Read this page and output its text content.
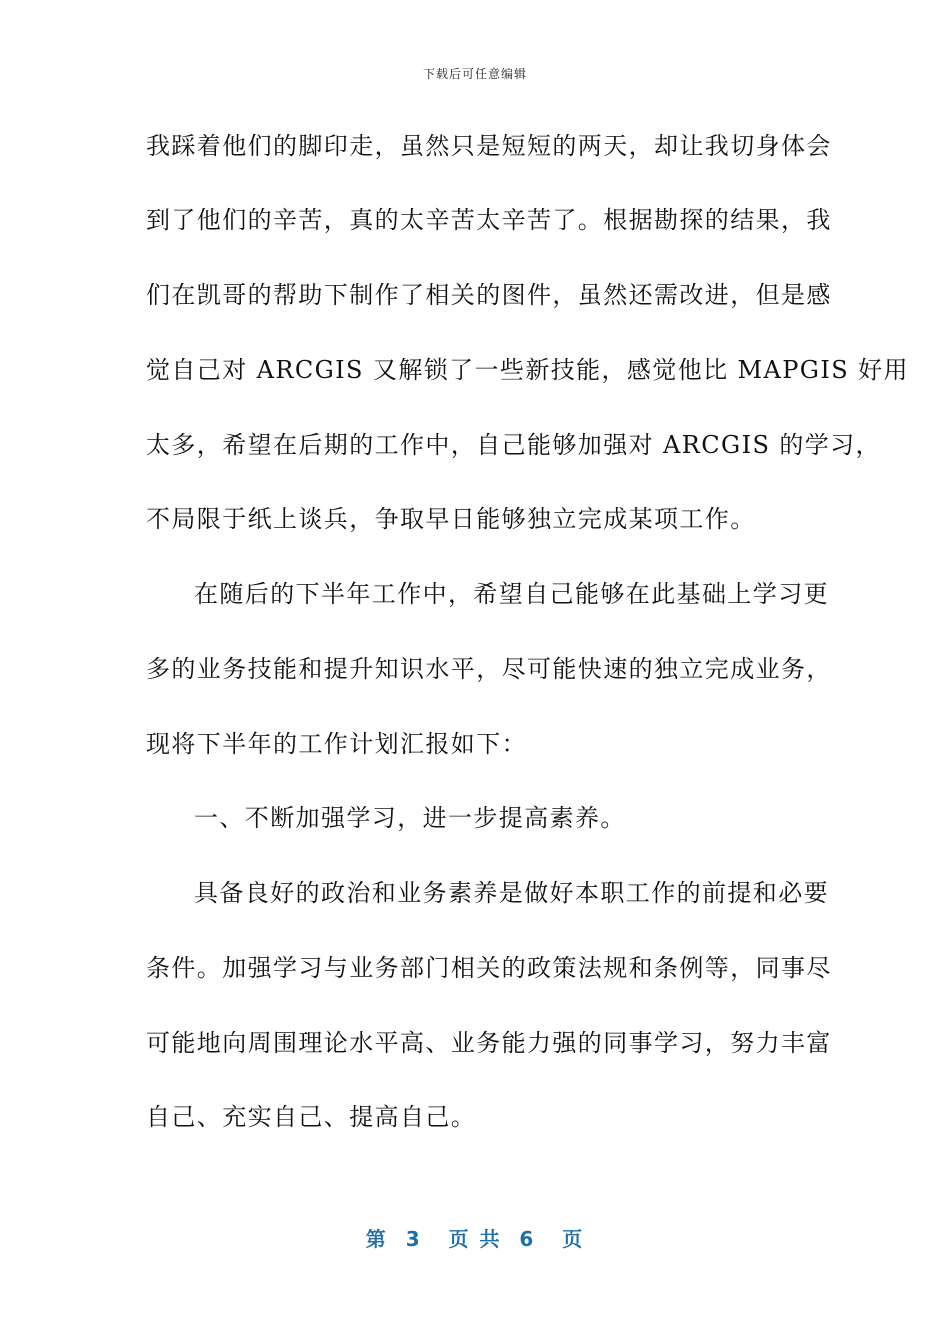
下载后可任意编辑
我踩着他们的脚印走，虽然只是短短的两天，却让我切身体会
到了他们的辛苦，真的太辛苦太辛苦了。根据勘探的结果，我
们在凯哥的帮助下制作了相关的图件，虽然还需改进，但是感
觉自己对 ARCGIS 又解锁了一些新技能，感觉他比 MAPGIS 好用
太多，希望在后期的工作中，自己能够加强对 ARCGIS 的学习，
不局限于纸上谈兵，争取早日能够独立完成某项工作。
在随后的下半年工作中，希望自己能够在此基础上学习更
多的业务技能和提升知识水平，尽可能快速的独立完成业务，
现将下半年的工作计划汇报如下：
一、不断加强学习，进一步提高素养。
具备良好的政治和业务素养是做好本职工作的前提和必要
条件。加强学习与业务部门相关的政策法规和条例等，同事尽
可能地向周围理论水平高、业务能力强的同事学习，努力丰富
自己、充实自己、提高自己。
第  3   页 共  6   页
